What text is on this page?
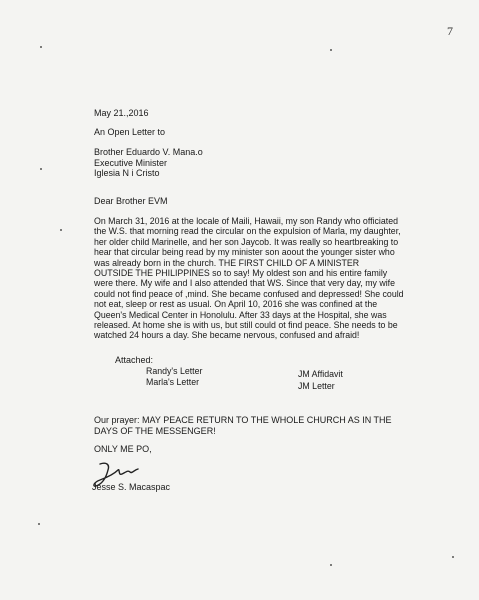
7
May 21.,2016
An Open Letter to
Brother Eduardo V. Mana.o
Executive Minister
Iglesia N i Cristo
Dear Brother EVM
On March 31, 2016 at the locale of Maili, Hawaii, my son Randy who officiated
the W.S. that morning read the circular on the expulsion of Marla, my daughter,
her older child Marinelle, and her son Jaycob. It was really so heartbreaking to
hear that circular being read by my minister son aoout the younger sister who
was already born in the church. THE FIRST CHILD OF A MINISTER
OUTSIDE THE PHILIPPINES so to say! My oldest son and his entire family
were there. My wife and I also attended that WS. Since that very day, my wife
could not find peace of ,mind. She became confused and depressed! She could
not eat, sleep or rest as usual. On April 10, 2016 she was confined at the
Queen's Medical Center in Honolulu. After 33 days at the Hospital, she was
released. At home she is with us, but still could ot find peace. She needs to be
watched 24 hours a day. She became nervous, confused and afraid!
Attached:
Randy's Letter
Marla's Letter
JM Affidavit
JM Letter
Our prayer: MAY PEACE RETURN TO THE WHOLE CHURCH AS IN THE
DAYS OF THE MESSENGER!
ONLY ME PO,
Jesse S. Macaspac
